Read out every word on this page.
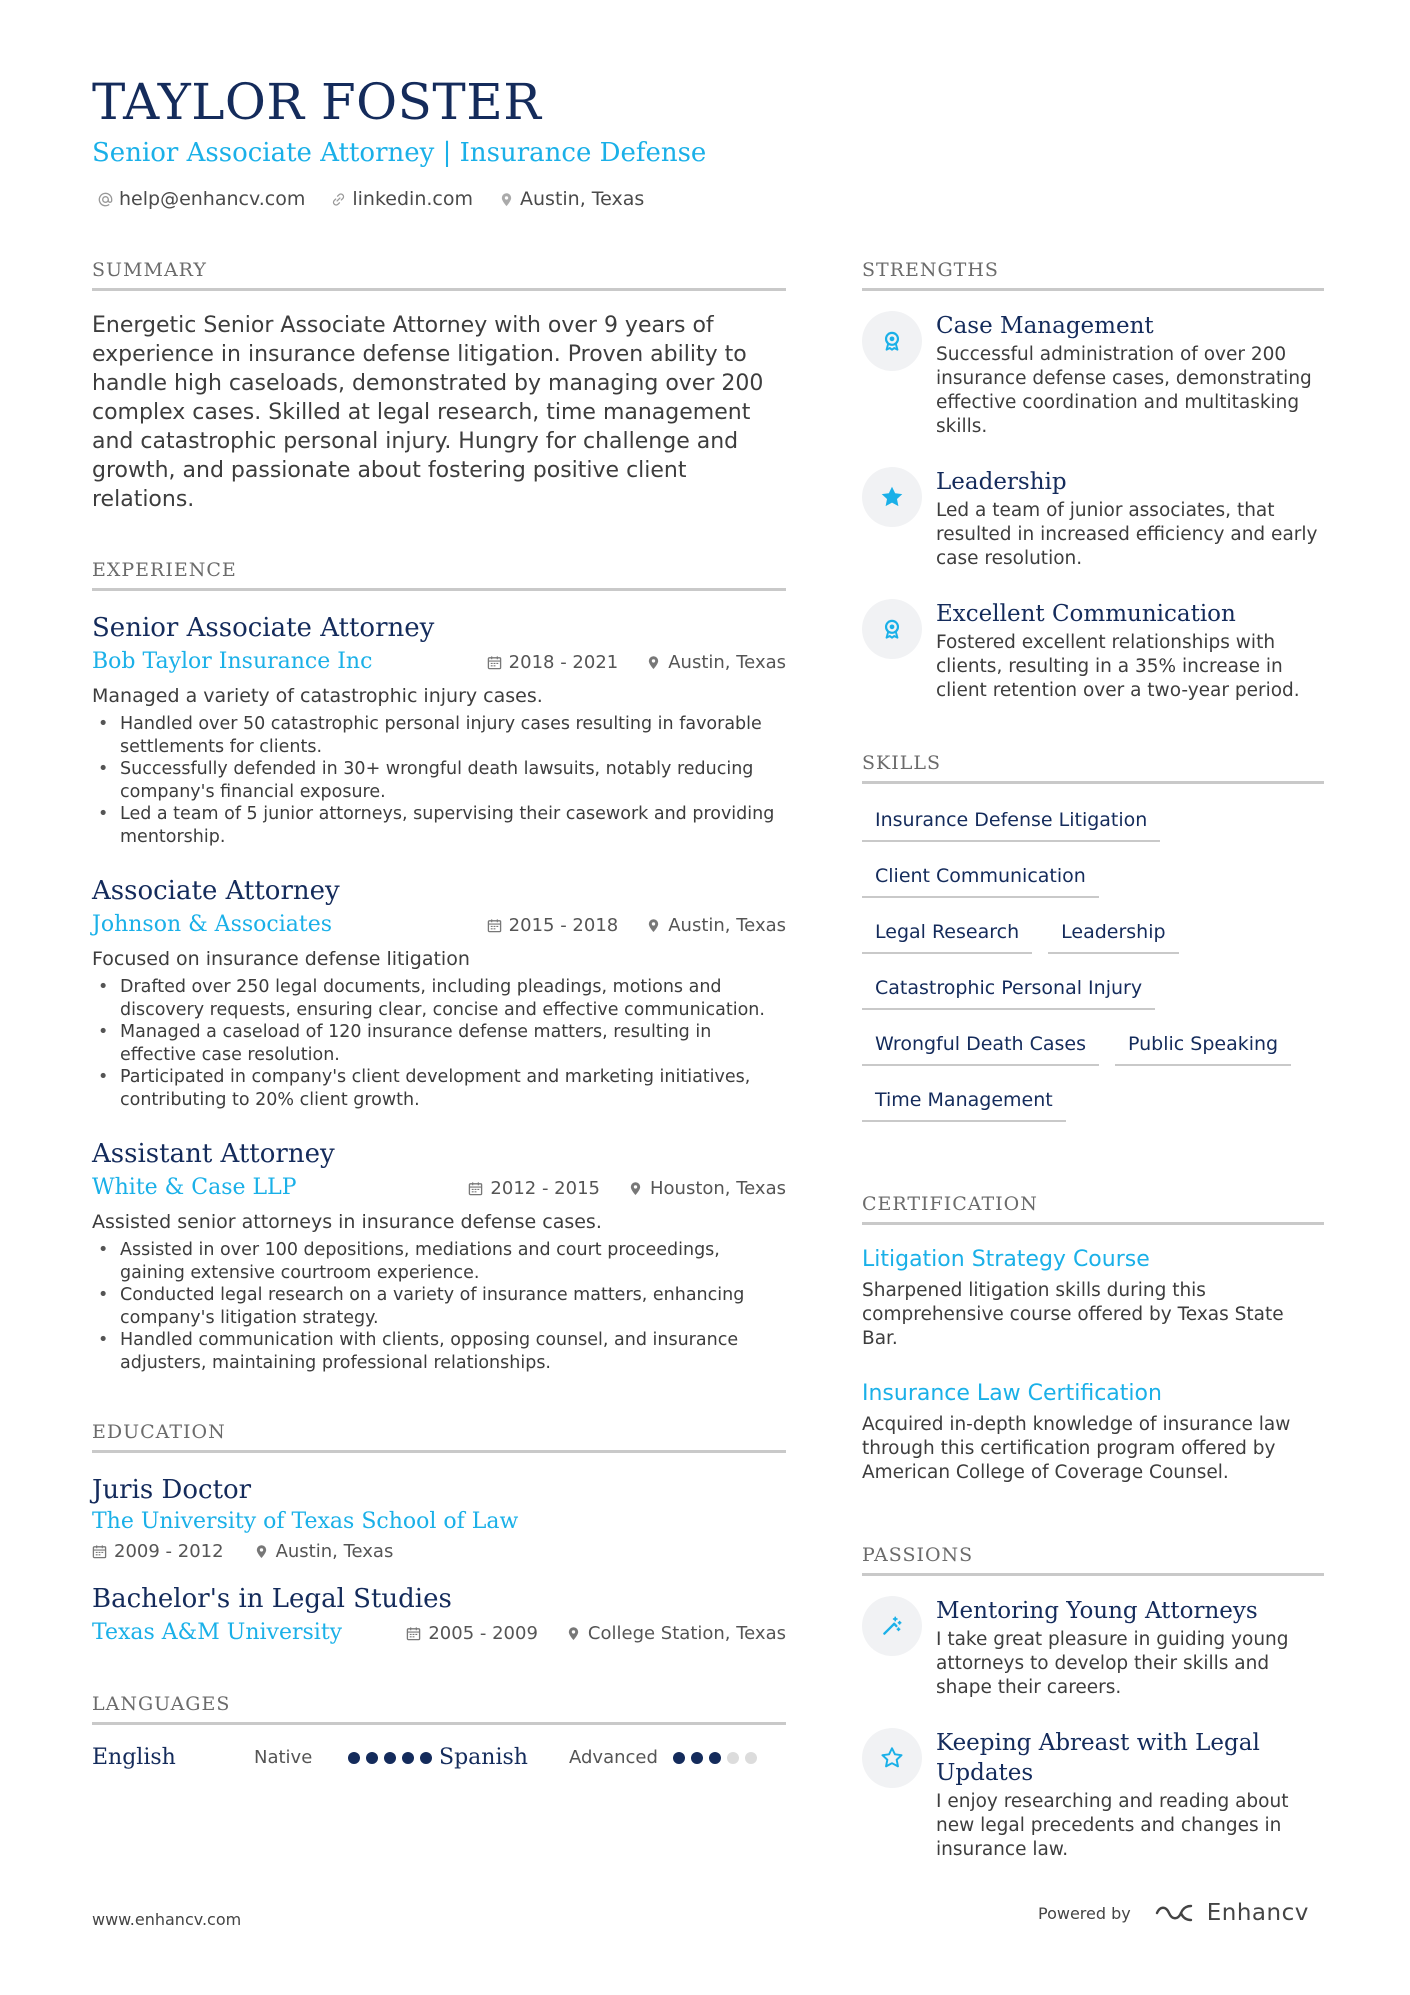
TAYLOR FOSTER
Senior Associate Attorney | Insurance Defense
help@enhancv.com linkedin.com Austin, Texas
SUMMARY

Energetic Senior Associate Attorney with over 9 years of experience in insurance defense litigation. Proven ability to handle high caseloads, demonstrated by managing over 200 complex cases. Skilled at legal research, time management and catastrophic personal injury. Hungry for challenge and growth, and passionate about fostering positive client relations.

EXPERIENCE
Senior Associate Attorney
Bob Taylor Insurance Inc	2018 - 2021	Austin, Texas
Managed a variety of catastrophic injury cases.
• Handled over 50 catastrophic personal injury cases resulting in favorable settlements for clients.
• Successfully defended in 30+ wrongful death lawsuits, notably reducing company's financial exposure.
• Led a team of 5 junior attorneys, supervising their casework and providing mentorship.
Associate Attorney
Johnson & Associates	2015 - 2018	Austin, Texas
Focused on insurance defense litigation
• Drafted over 250 legal documents, including pleadings, motions and discovery requests, ensuring clear, concise and effective communication.
• Managed a caseload of 120 insurance defense matters, resulting in effective case resolution.
• Participated in company's client development and marketing initiatives, contributing to 20% client growth.
Assistant Attorney
White & Case LLP	2012 - 2015	Houston, Texas
Assisted senior attorneys in insurance defense cases.
• Assisted in over 100 depositions, mediations and court proceedings, gaining extensive courtroom experience.
• Conducted legal research on a variety of insurance matters, enhancing company's litigation strategy.
• Handled communication with clients, opposing counsel, and insurance adjusters, maintaining professional relationships.
EDUCATION
Juris Doctor
The University of Texas School of Law
2009 - 2012	Austin, Texas
Bachelor's in Legal Studies
Texas A&M University	2005 - 2009	College Station, Texas
LANGUAGES
English	Native	Spanish	Advanced
STRENGTHS
Case Management
Successful administration of over 200 insurance defense cases, demonstrating effective coordination and multitasking skills.
Leadership
Led a team of junior associates, that resulted in increased efficiency and early case resolution.
Excellent Communication
Fostered excellent relationships with clients, resulting in a 35% increase in client retention over a two-year period.
SKILLS
Insurance Defense Litigation
Client Communication
Legal Research	Leadership
Catastrophic Personal Injury
Wrongful Death Cases	Public Speaking
Time Management
CERTIFICATION
Litigation Strategy Course
Sharpened litigation skills during this comprehensive course offered by Texas State Bar.
Insurance Law Certification
Acquired in-depth knowledge of insurance law through this certification program offered by American College of Coverage Counsel.
PASSIONS
Mentoring Young Attorneys
I take great pleasure in guiding young attorneys to develop their skills and shape their careers.
Keeping Abreast with Legal Updates
I enjoy researching and reading about new legal precedents and changes in insurance law.
www.enhancv.com	Powered by	Enhancv
